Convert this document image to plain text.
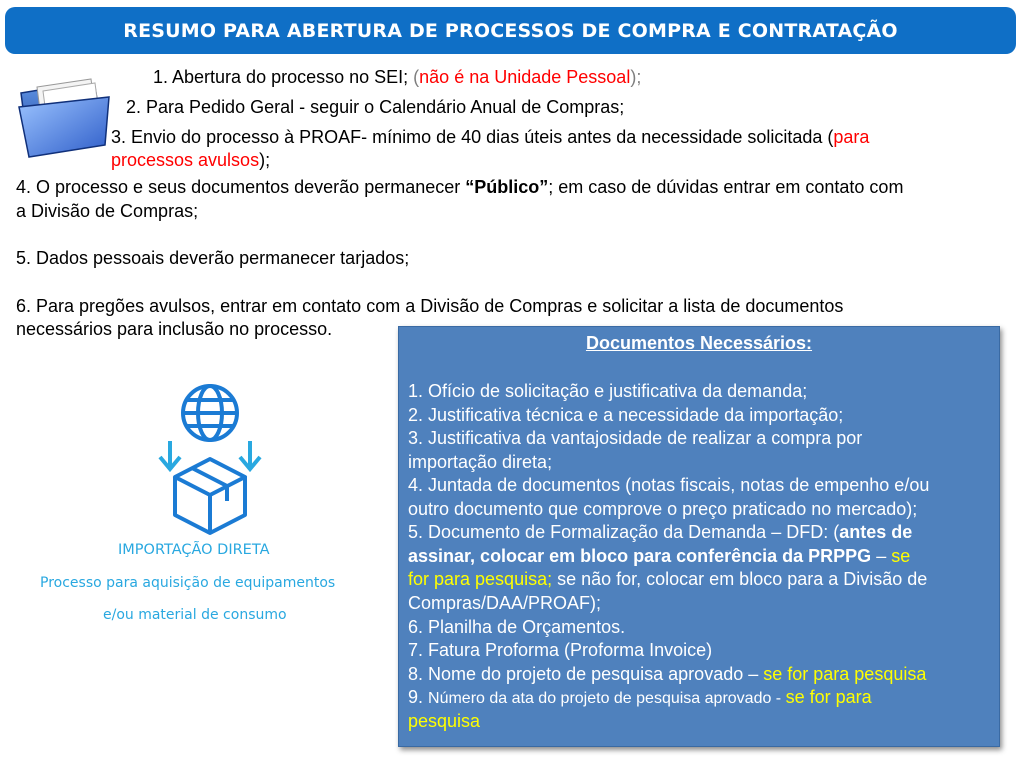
RESUMO PARA ABERTURA DE PROCESSOS DE COMPRA E CONTRATAÇÃO
1. Abertura do processo no SEI; (não é na Unidade Pessoal);
2. Para Pedido Geral - seguir o Calendário Anual de Compras;
3. Envio do processo à PROAF- mínimo de 40 dias úteis antes da necessidade solicitada (para
processos avulsos);
4. O processo e seus documentos deverão permanecer “Público”; em caso de dúvidas entrar em contato com
a Divisão de Compras;
5. Dados pessoais deverão permanecer tarjados;
6. Para pregões avulsos, entrar em contato com a Divisão de Compras e solicitar a lista de documentos
necessários para inclusão no processo.
IMPORTAÇÃO DIRETA
Processo para aquisição de equipamentos
e/ou material de consumo
Documentos Necessários:
1. Ofício de solicitação e justificativa da demanda;
2. Justificativa técnica e a necessidade da importação;
3. Justificativa da vantajosidade de realizar a compra por
importação direta;
4. Juntada de documentos (notas fiscais, notas de empenho e/ou
outro documento que comprove o preço praticado no mercado);
5. Documento de Formalização da Demanda – DFD: (antes de
assinar, colocar em bloco para conferência da PRPPG – se
for para pesquisa; se não for, colocar em bloco para a Divisão de
Compras/DAA/PROAF);
6. Planilha de Orçamentos.
7. Fatura Proforma (Proforma Invoice)
8. Nome do projeto de pesquisa aprovado – se for para pesquisa
9. Número da ata do projeto de pesquisa aprovado - se for para
pesquisa
